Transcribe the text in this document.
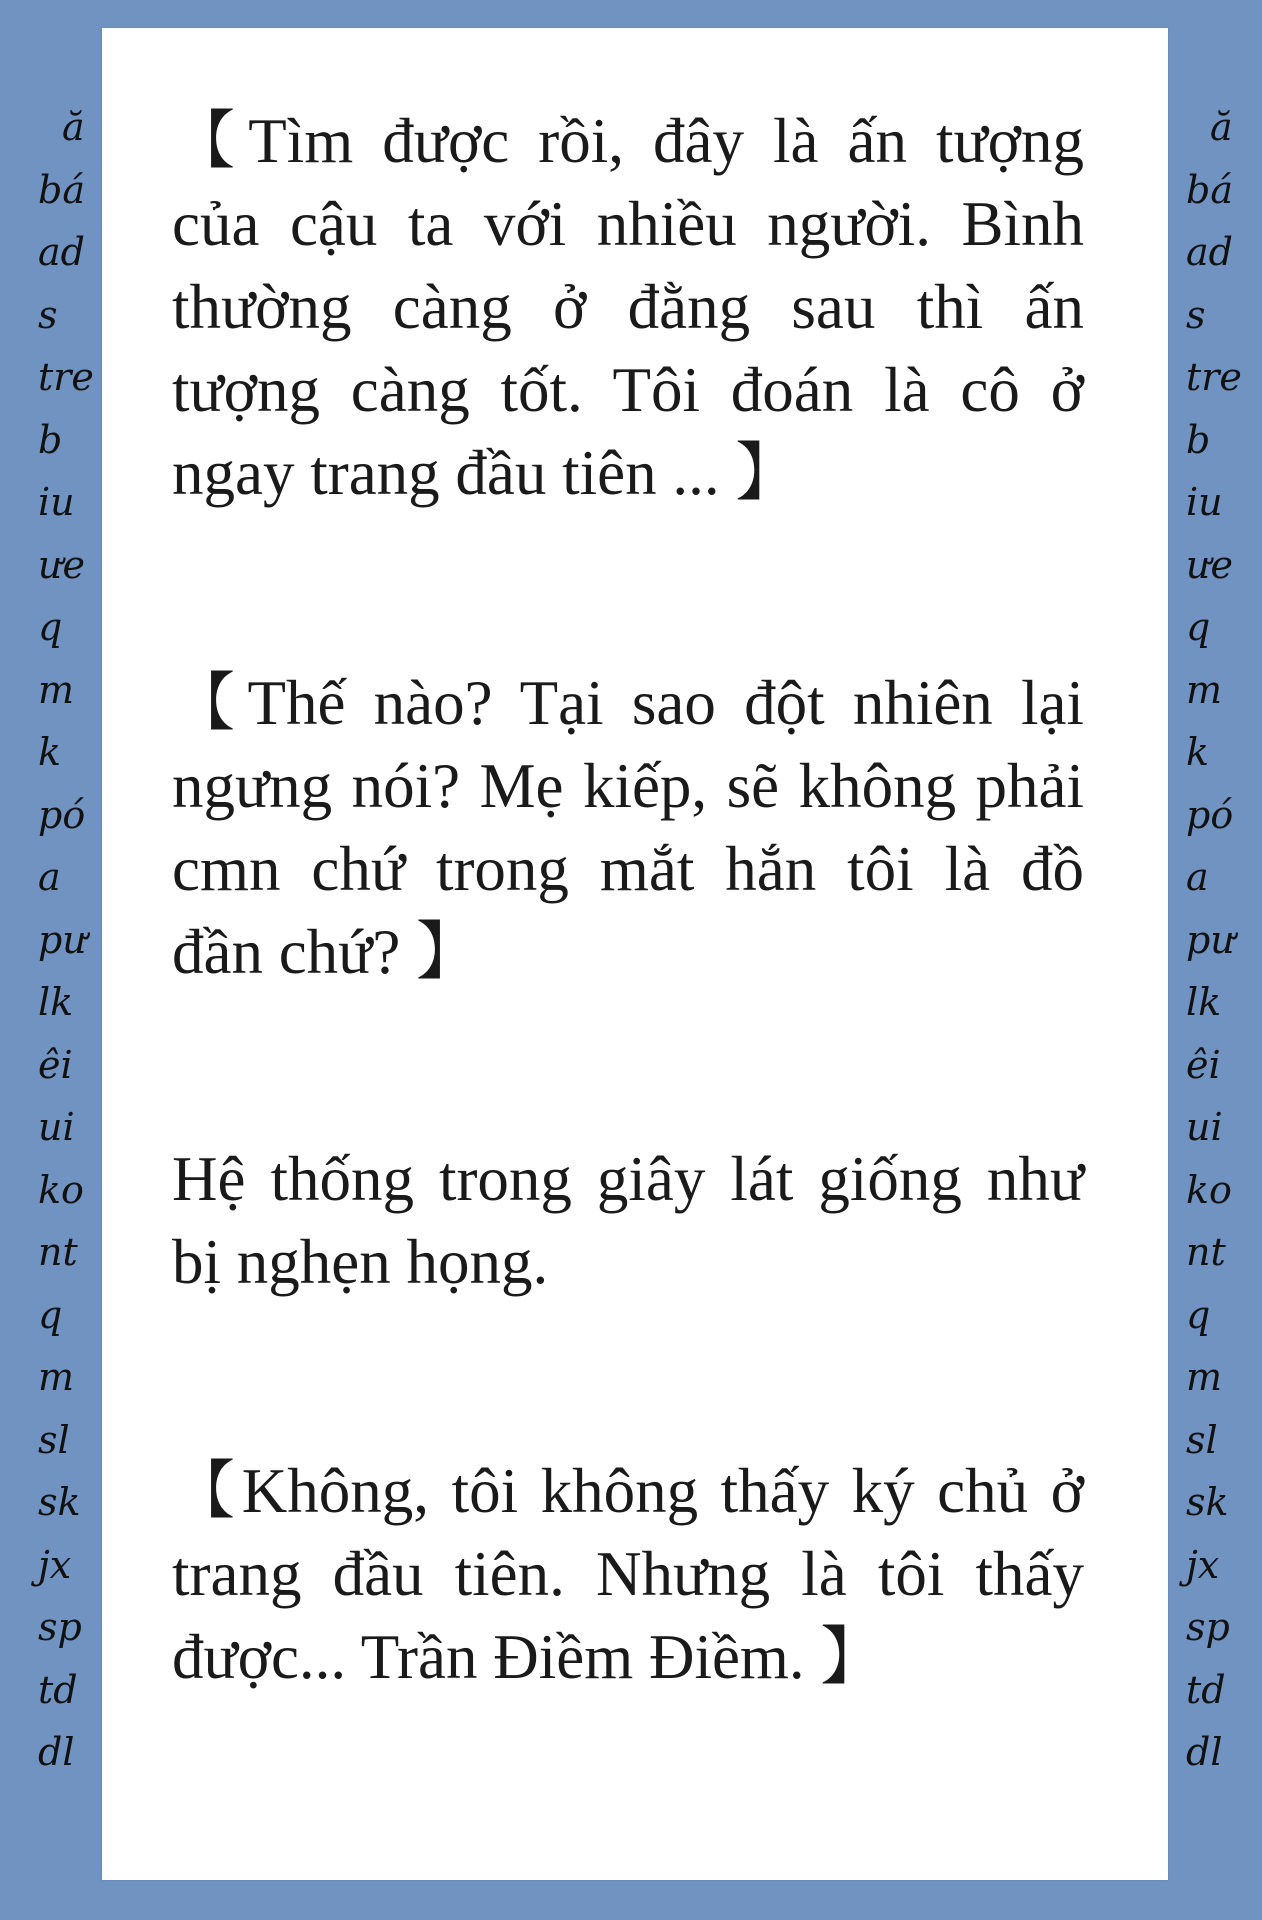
ă
bá
ad
s
tre
b
iu
ưe
q
m
k
pó
a
pư
lk
êi
ui
ko
nt
q
m
sl
sk
jx
sp
td
dl
ă
bá
ad
s
tre
b
iu
ưe
q
m
k
pó
a
pư
lk
êi
ui
ko
nt
q
m
sl
sk
jx
sp
td
dl

【Tìm được rồi, đây là ấn tượng của cậu ta với nhiều người. Bình thường càng ở đằng sau thì ấn tượng càng tốt. Tôi đoán là cô ở ngay trang đầu tiên ... 】

【Thế nào? Tại sao đột nhiên lại ngưng nói? Mẹ kiếp, sẽ không phải cmn chứ trong mắt hắn tôi là đồ đần chứ? 】

Hệ thống trong giây lát giống như bị nghẹn họng.

【Không, tôi không thấy ký chủ ở trang đầu tiên. Nhưng là tôi thấy được... Trần Điềm Điềm. 】
